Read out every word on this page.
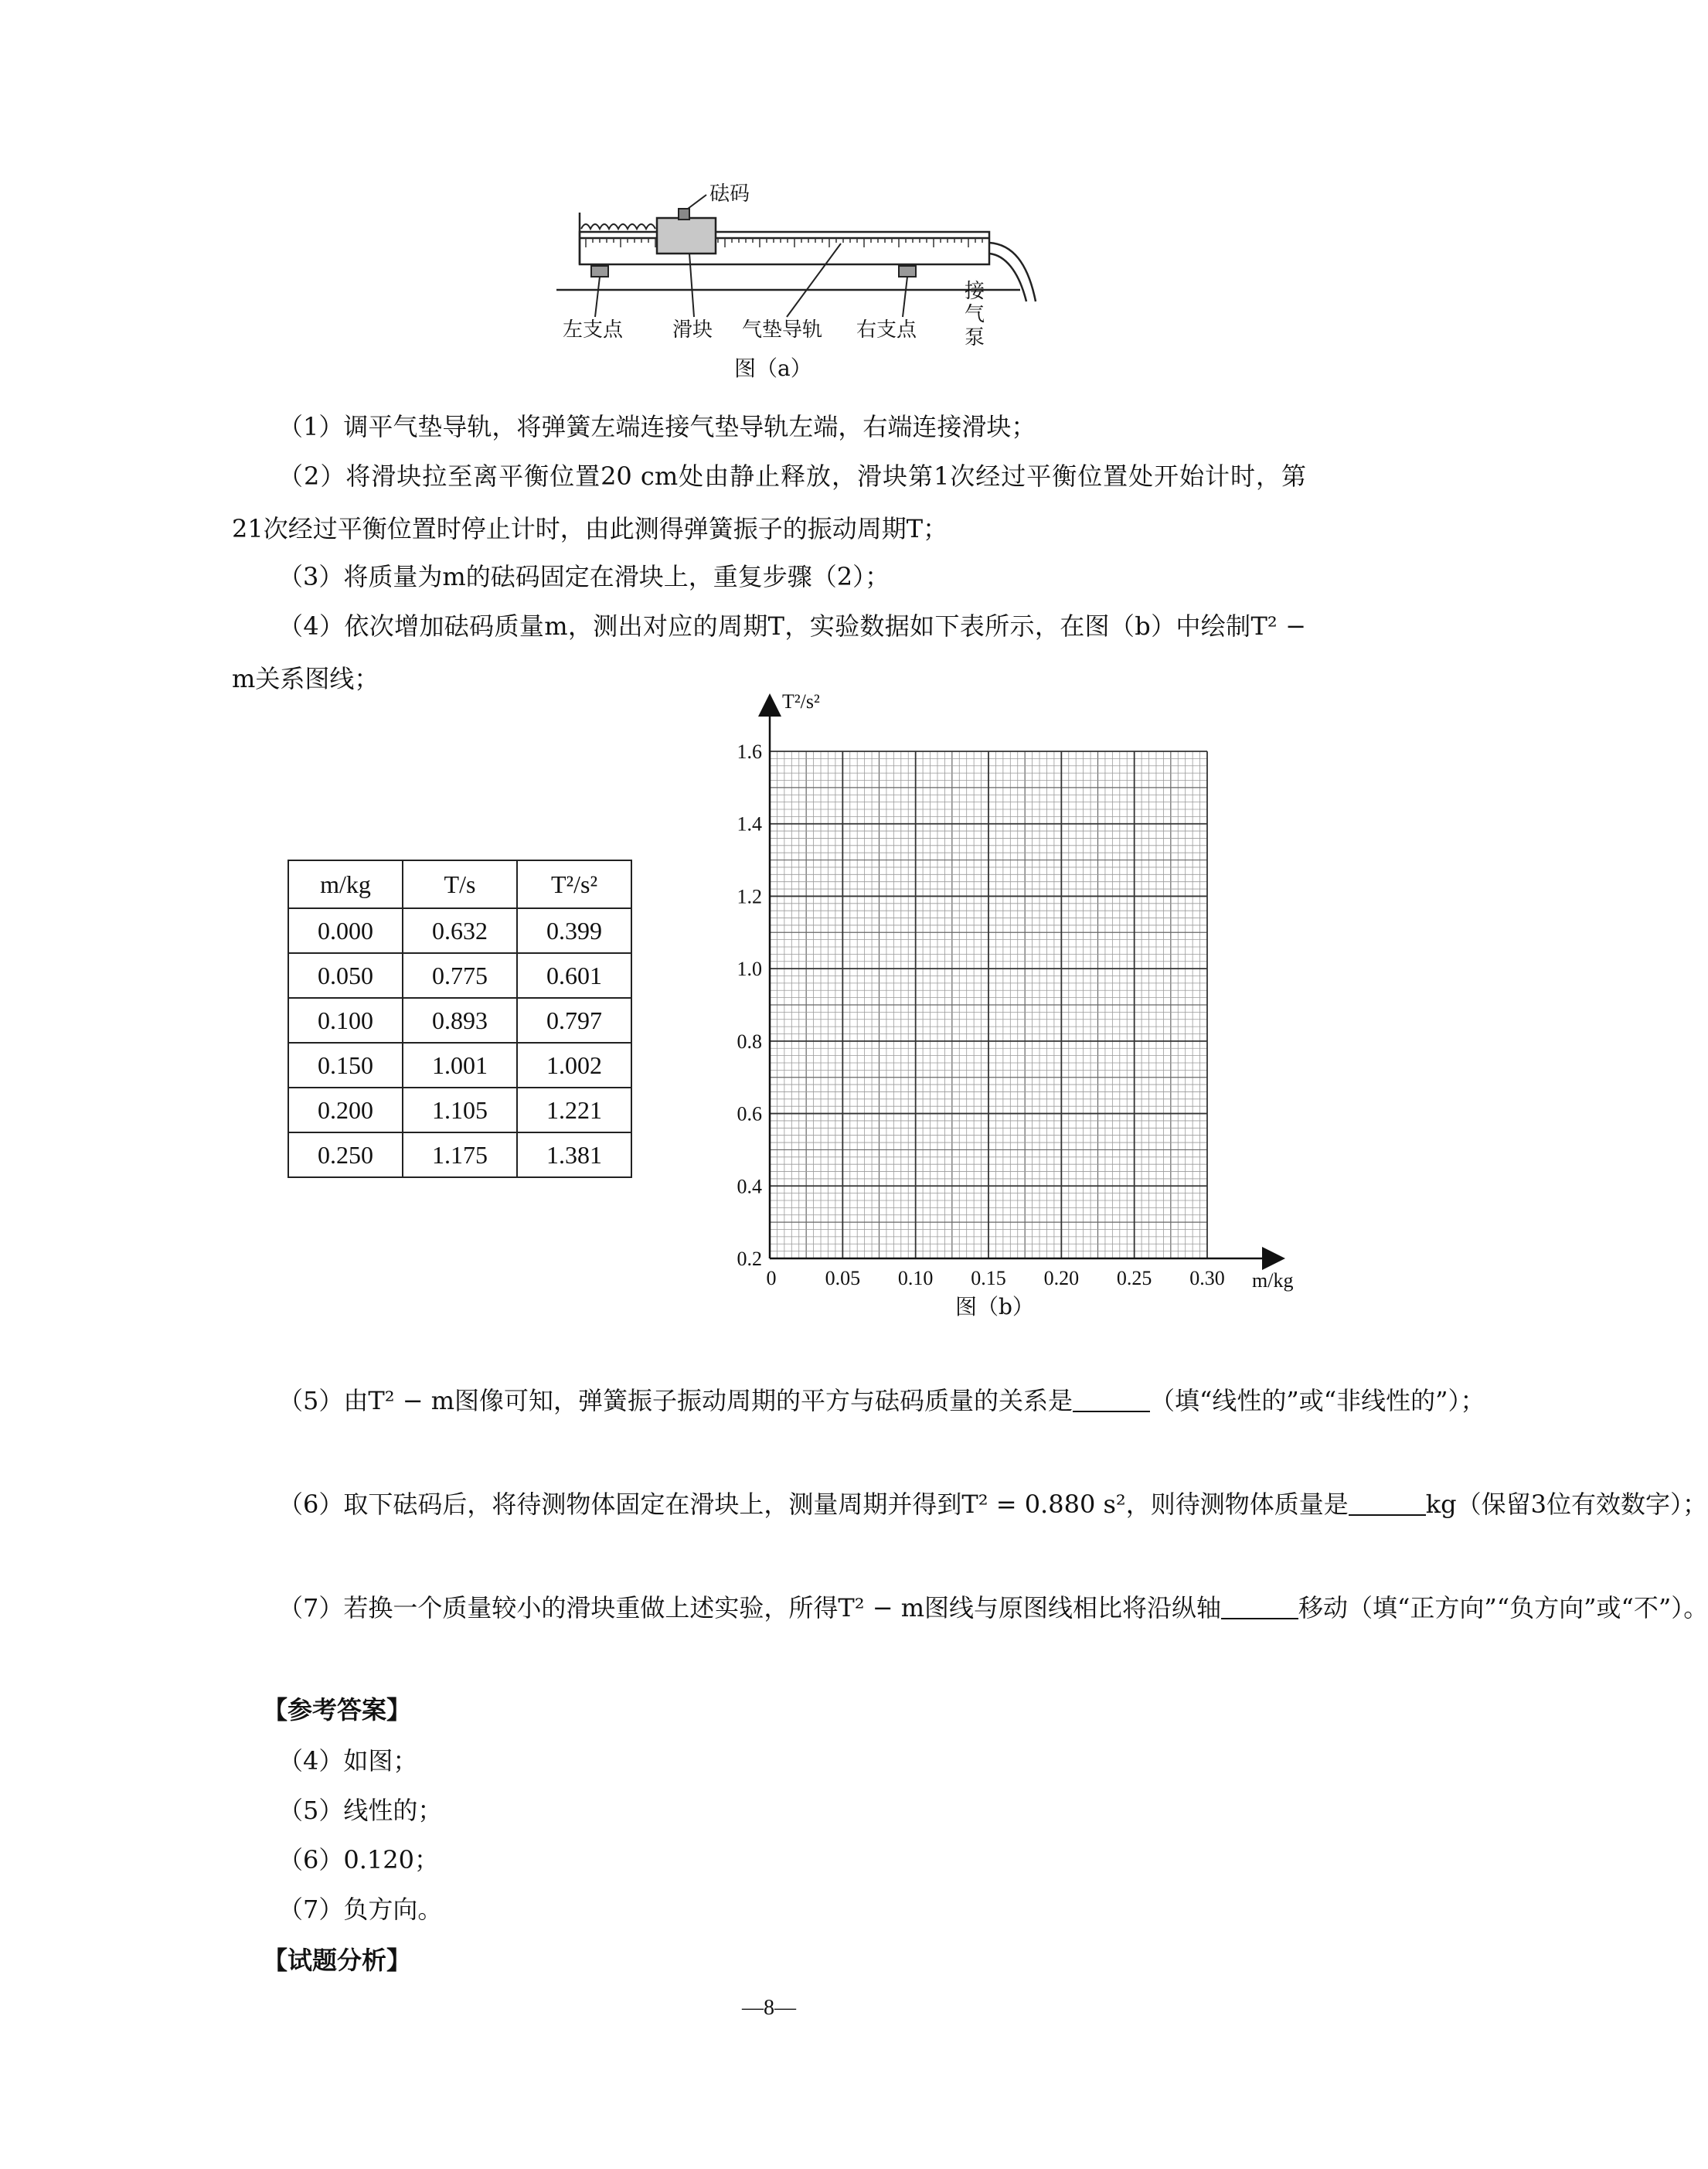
砝码
左支点 滑块 气垫导轨 右支点
接
气
泵
图（a）

（1）调平气垫导轨，将弹簧左端连接气垫导轨左端，右端连接滑块；

（2）将滑块拉至离平衡位置20 cm处由静止释放，滑块第1次经过平衡位置处开始计时，第21次经过平衡位置时停止计时，由此测得弹簧振子的振动周期T；

（3）将质量为m的砝码固定在滑块上，重复步骤（2）；

（4）依次增加砝码质量m，测出对应的周期T，实验数据如下表所示，在图（b）中绘制T² − m关系图线；

m/kg	T/s	T²/s²
0.000	0.632	0.399
0.050	0.775	0.601
0.100	0.893	0.797
0.150	1.001	1.002
0.200	1.105	1.221
0.250	1.175	1.381
0 0.05 0.10 0.15 0.20 0.25 0.30
0.2
0.4
0.6
0.8
1.0
1.2
1.4
1.6
T²/s²
m/kg
图（b）
（5）由T² − m图像可知，弹簧振子振动周期的平方与砝码质量的关系是	（填“线性的”或“非线性的”）；
（6）取下砝码后，将待测物体固定在滑块上，测量周期并得到T² = 0.880 s²，则待测物体质量是	kg（保留3位有效数字）；
（7）若换一个质量较小的滑块重做上述实验，所得T² − m图线与原图线相比将沿纵轴	移动（填“正方向”“负方向”或“不”）。
【参考答案】
（4）如图；
（5）线性的；
（6）0.120；
（7）负方向。
【试题分析】
—8—
